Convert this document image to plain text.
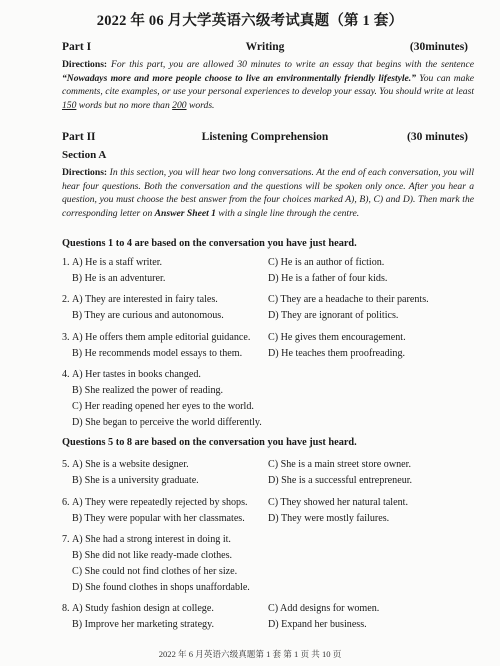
2022 年 06 月大学英语六级考试真题（第 1 套）
Part I	Writing	(30minutes)
Directions: For this part, you are allowed 30 minutes to write an essay that begins with the sentence “Nowadays more and more people choose to live an environmentally friendly lifestyle.” You can make comments, cite examples, or use your personal experiences to develop your essay. You should write at least 150 words but no more than 200 words.
Part II	Listening Comprehension	(30 minutes)
Section A
Directions: In this section, you will hear two long conversations. At the end of each conversation, you will hear four questions. Both the conversation and the questions will be spoken only once. After you hear a question, you must choose the best answer from the four choices marked A), B), C) and D). Then mark the corresponding letter on Answer Sheet 1 with a single line through the centre.
Questions 1 to 4 are based on the conversation you have just heard.
1. A) He is a staff writer.
B) He is an adventurer.
C) He is an author of fiction.
D) He is a father of four kids.
2. A) They are interested in fairy tales.
B) They are curious and autonomous.
C) They are a headache to their parents.
D) They are ignorant of politics.
3. A) He offers them ample editorial guidance.
B) He recommends model essays to them.
C) He gives them encouragement.
D) He teaches them proofreading.
4. A) Her tastes in books changed.
B) She realized the power of reading.
C) Her reading opened her eyes to the world.
D) She began to perceive the world differently.
Questions 5 to 8 are based on the conversation you have just heard.
5. A) She is a website designer.
B) She is a university graduate.
C) She is a main street store owner.
D) She is a successful entrepreneur.
6. A) They were repeatedly rejected by shops.
B) They were popular with her classmates.
C) They showed her natural talent.
D) They were mostly failures.
7. A) She had a strong interest in doing it.
B) She did not like ready-made clothes.
C) She could not find clothes of her size.
D) She found clothes in shops unaffordable.
8. A) Study fashion design at college.
B) Improve her marketing strategy.
C) Add designs for women.
D) Expand her business.
2022 年 6 月英语六级真题第 1 套 第 1 页 共 10 页
